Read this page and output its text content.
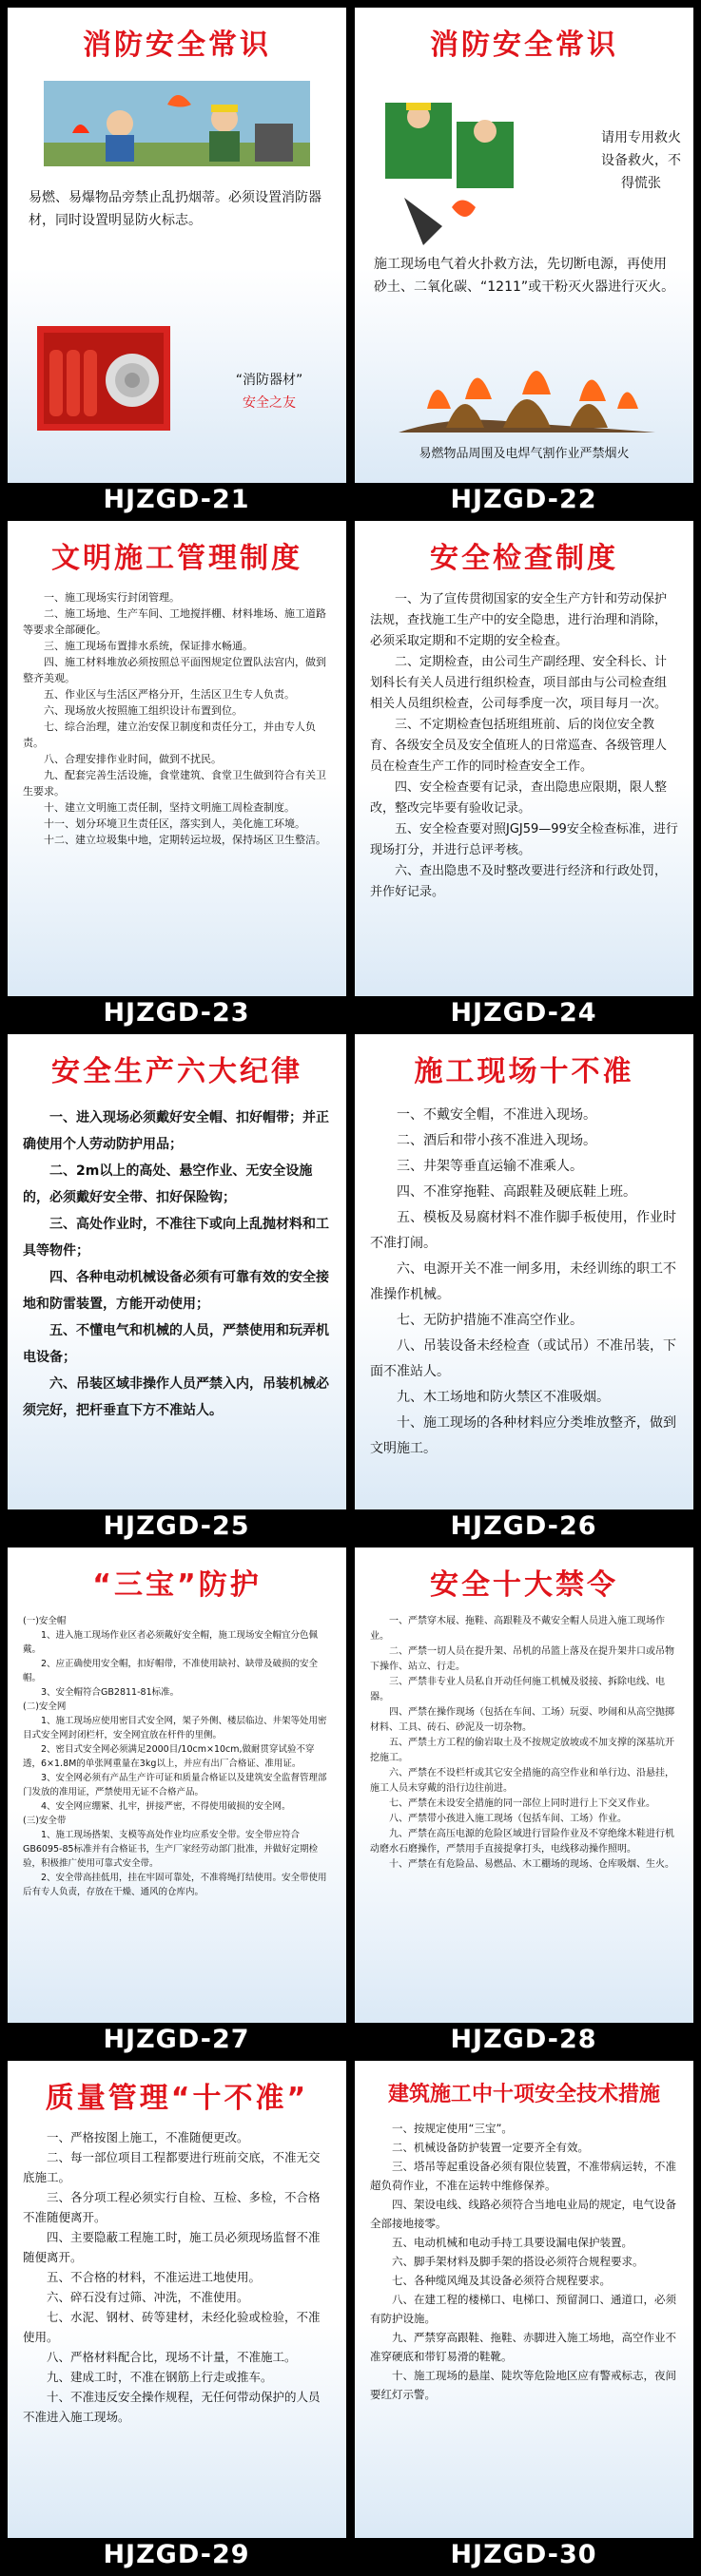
消防安全常识
易燃、易爆物品旁禁止乱扔烟蒂。必须设置消防器材，同时设置明显防火标志。
“消防器材”
安全之友
HJZGD-21
消防安全常识
请用专用救火设备救火，不得慌张
施工现场电气着火扑救方法，先切断电源，再使用砂土、二氧化碳、“1211”或干粉灭火器进行灭火。
易燃物品周围及电焊气割作业严禁烟火
HJZGD-22
文明施工管理制度

一、施工现场实行封闭管理。

二、施工场地、生产车间、工地搅拌棚、材料堆场、施工道路等要求全部硬化。

三、施工现场布置排水系统，保证排水畅通。

四、施工材料堆放必须按照总平面图规定位置队法宫内，做到整齐美观。

五、作业区与生活区严格分开，生活区卫生专人负责。

六、现场放火按照施工组织设计布置到位。

七、综合治理，建立治安保卫制度和责任分工，并由专人负责。

八、合理安排作业时间，做到不扰民。

九、配套完善生活设施，食堂建筑、食堂卫生做到符合有关卫生要求。

十、建立文明施工责任制，坚持文明施工周检查制度。

十一、划分环境卫生责任区，落实到人，美化施工环境。

十二、建立垃圾集中地，定期转运垃圾，保持场区卫生整洁。

HJZGD-23
安全检查制度

一、为了宣传贯彻国家的安全生产方针和劳动保护法规，查找施工生产中的安全隐患，进行治理和消除，必须采取定期和不定期的安全检查。

二、定期检查，由公司生产副经理、安全科长、计划科长有关人员进行组织检查，项目部由与公司检查组相关人员组织检查，公司每季度一次，项目每月一次。

三、不定期检查包括班组班前、后的岗位安全教育、各级安全员及安全值班人的日常巡查、各级管理人员在检查生产工作的同时检查安全工作。

四、安全检查要有记录，查出隐患应限期，限人整改，整改完毕要有验收记录。

五、安全检查要对照JGJ59—99安全检查标准，进行现场打分，并进行总评考核。

六、查出隐患不及时整改要进行经济和行政处罚，并作好记录。

HJZGD-24
安全生产六大纪律

一、进入现场必须戴好安全帽、扣好帽带；并正确使用个人劳动防护用品；

二、2m以上的高处、悬空作业、无安全设施的，必须戴好安全带、扣好保险钩；

三、高处作业时，不准往下或向上乱抛材料和工具等物件；

四、各种电动机械设备必须有可靠有效的安全接地和防雷装置，方能开动使用；

五、不懂电气和机械的人员，严禁使用和玩弄机电设备；

六、吊装区域非操作人员严禁入内，吊装机械必须完好，把杆垂直下方不准站人。

HJZGD-25
施工现场十不准

一、不戴安全帽，不准进入现场。

二、酒后和带小孩不准进入现场。

三、井架等垂直运输不准乘人。

四、不准穿拖鞋、高跟鞋及硬底鞋上班。

五、模板及易腐材料不准作脚手板使用，作业时不准打闹。

六、电源开关不准一闸多用，未经训练的职工不准操作机械。

七、无防护措施不准高空作业。

八、吊装设备未经检查（或试吊）不准吊装，下面不准站人。

九、木工场地和防火禁区不准吸烟。

十、施工现场的各种材料应分类堆放整齐，做到文明施工。

HJZGD-26
“三宝”防护
(一)安全帽

1、进入施工现场作业区者必须戴好安全帽，施工现场安全帽宜分色佩戴。

2、应正确使用安全帽，扣好帽带，不准使用缺衬、缺带及破损的安全帽。

3、安全帽符合GB2811-81标准。

(二)安全网

1、施工现场应使用密目式安全网，架子外侧、楼层临边、井架等处用密目式安全网封闭栏杆，安全网宜放在杆件的里侧。

2、密目式安全网必须满足2000目/10cm×10cm,做耐贯穿试验不穿透，6×1.8M的单张网重量在3kg以上，并应有出厂合格证、准用证。

3、安全网必须有产品生产许可证和质量合格证以及建筑安全监督管理部门发放的准用证，严禁使用无证不合格产品。

4、安全网应绷紧、扎牢，拼接严密，不得使用破损的安全网。

(三)安全带

1、施工现场搭架、支模等高处作业均应系安全带。安全带应符合GB6095-85标准并有合格证书，生产厂家经劳动部门批准，并做好定期检验，积极推广使用可靠式安全带。

2、安全带高挂低用，挂在牢固可靠处，不准将绳打结使用。安全带使用后有专人负责，存放在干燥、通风的仓库内。

HJZGD-27
安全十大禁令

一、严禁穿木屐、拖鞋、高跟鞋及不戴安全帽人员进入施工现场作业。

二、严禁一切人员在提升架、吊机的吊篮上落及在提升架井口或吊物下操作、站立、行走。

三、严禁非专业人员私自开动任何施工机械及驳接、拆除电线、电器。

四、严禁在操作现场（包括在车间、工场）玩耍、吵闹和从高空抛掷材料、工具、砖石、砂泥及一切杂物。

五、严禁土方工程的偷岩取土及不按规定放坡或不加支撑的深基坑开挖施工。

六、严禁在不设栏杆或其它安全措施的高空作业和单行边、沿悬挂，施工人员未穿戴的沿行边往前进。

七、严禁在未设安全措施的同一部位上同时进行上下交叉作业。

八、严禁带小孩进入施工现场（包括车间、工场）作业。

九、严禁在高压电源的危险区域进行冒险作业及不穿绝缘木鞋进行机动磨水石磨操作，严禁用手直接提拿打头，电线移动操作照明。

十、严禁在有危险品、易燃品、木工棚场的现场、仓库吸烟、生火。

HJZGD-28
质量管理“十不准”

一、严格按图上施工，不准随便更改。

二、每一部位项目工程都要进行班前交底，不准无交底施工。

三、各分项工程必须实行自检、互检、多检，不合格不准随便离开。

四、主要隐蔽工程施工时，施工员必须现场监督不准随便离开。

五、不合格的材料，不准运进工地使用。

六、碎石没有过筛、冲洗，不准使用。

七、水泥、钢材、砖等建材，未经化验或检验，不准使用。

八、严格材料配合比，现场不计量，不准施工。

九、建成工时，不准在钢筋上行走或推车。

十、不准违反安全操作规程，无任何带动保护的人员不准进入施工现场。

HJZGD-29
建筑施工中十项安全技术措施

一、按规定使用“三宝”。

二、机械设备防护装置一定要齐全有效。

三、塔吊等起重设备必须有限位装置，不准带病运转，不准超负荷作业，不准在运转中维修保养。

四、架设电线、线路必须符合当地电业局的规定，电气设备全部接地接零。

五、电动机械和电动手持工具要设漏电保护装置。

六、脚手架材料及脚手架的搭设必须符合规程要求。

七、各种缆风绳及其设备必须符合规程要求。

八、在建工程的楼梯口、电梯口、预留洞口、通道口，必须有防护设施。

九、严禁穿高跟鞋、拖鞋、赤脚进入施工场地，高空作业不准穿硬底和带钉易滑的鞋靴。

十、施工现场的悬崖、陡坎等危险地区应有警戒标志，夜间要红灯示警。

HJZGD-30
